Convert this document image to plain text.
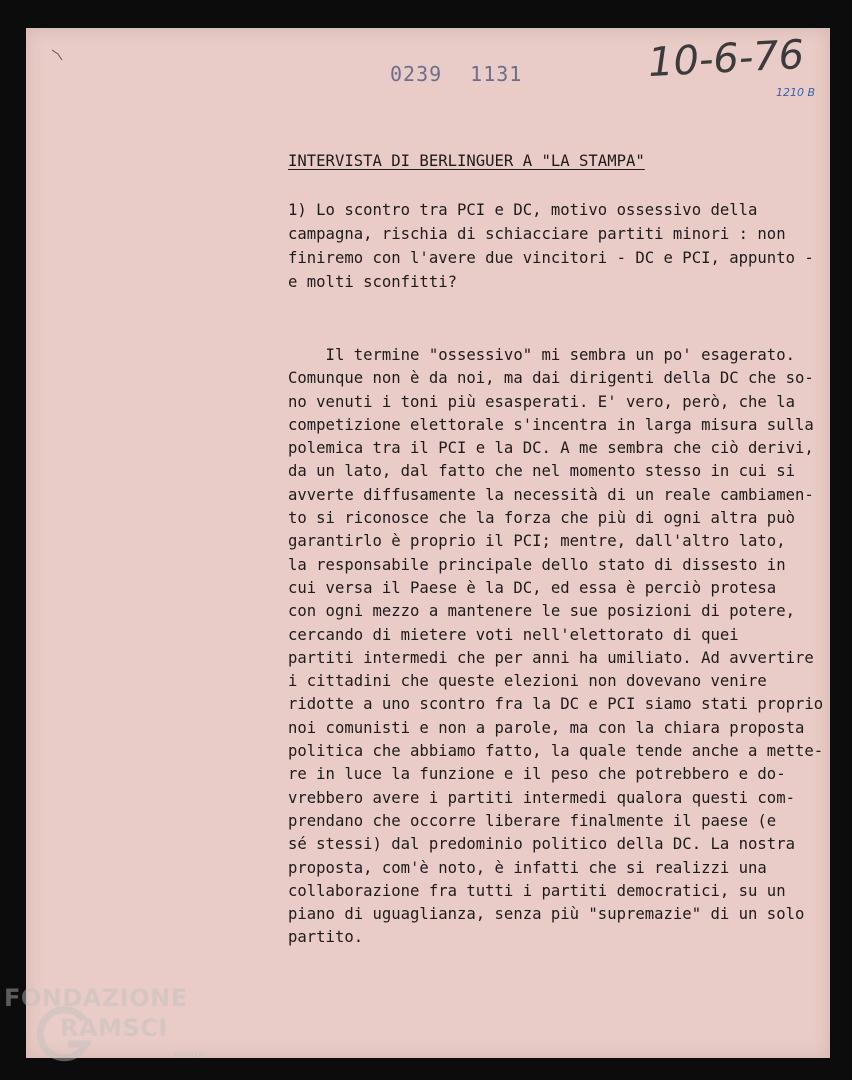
0239 1131	10-6-76
1210 B
INTERVISTA DI BERLINGUER A "LA STAMPA"
1) Lo scontro tra PCI e DC, motivo ossessivo della
campagna, rischia di schiacciare partiti minori : non
finiremo con l'avere due vincitori - DC e PCI, appunto -
e molti sconfitti?
Il termine "ossessivo" mi sembra un po' esagerato.
Comunque non è da noi, ma dai dirigenti della DC che so-
no venuti i toni più esasperati. E' vero, però, che la
competizione elettorale s'incentra in larga misura sulla
polemica tra il PCI e la DC. A me sembra che ciò derivi,
da un lato, dal fatto che nel momento stesso in cui si
avverte diffusamente la necessità di un reale cambiamen-
to si riconosce che la forza che più di ogni altra può
garantirlo è proprio il PCI; mentre, dall'altro lato,
la responsabile principale dello stato di dissesto in
cui versa il Paese è la DC, ed essa è perciò protesa
con ogni mezzo a mantenere le sue posizioni di potere,
cercando di mietere voti nell'elettorato di quei
partiti intermedi che per anni ha umiliato. Ad avvertire
i cittadini che queste elezioni non dovevano venire
ridotte a uno scontro fra la DC e PCI siamo stati proprio
noi comunisti e non a parole, ma con la chiara proposta
politica che abbiamo fatto, la quale tende anche a mette-
re in luce la funzione e il peso che potrebbero e do-
vrebbero avere i partiti intermedi qualora questi com-
prendano che occorre liberare finalmente il paese (e
sé stessi) dal predominio politico della DC. La nostra
proposta, com'è noto, è infatti che si realizzi una
collaborazione fra tutti i partiti democratici, su un
piano di uguaglianza, senza più "supremazie" di un solo
partito.
FONDAZIONE
RAMSCI
onlus
